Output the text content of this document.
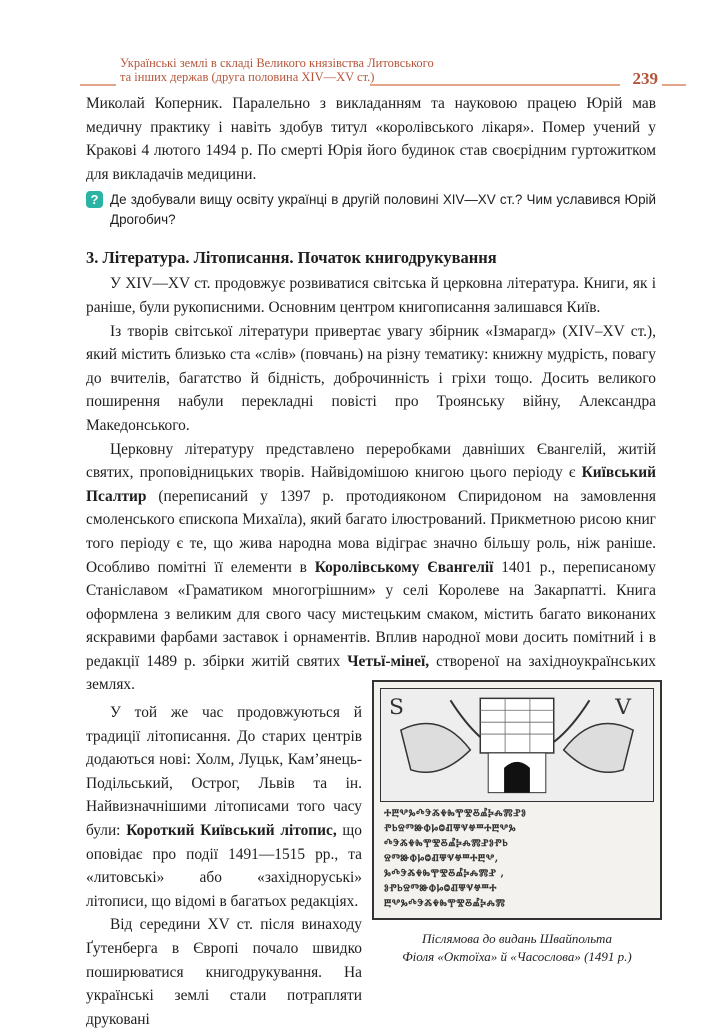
Українські землі в складі Великого князівства Литовського
та інших держав (друга половина XIV—XV ст.)	239

Миколай Коперник. Паралельно з викладанням та науковою працею Юрій мав медичну практику і навіть здобув титул «королівського лікаря». Помер учений у Кракові 4 лютого 1494 р. По смерті Юрія його будинок став своєрідним гуртожитком для викладачів медицини.

? Де здобували вищу освіту українці в другій половині XIV—XV ст.? Чим уславився Юрій Дрогобич?
3. Література. Літописання. Початок книгодрукування

У XIV—XV ст. продовжує розвиватися світська й церковна література. Книги, як і раніше, були рукописними. Основним центром книгописання залишався Київ.

Із творів світської літератури привертає увагу збірник «Ізмарагд» (XIV–XV ст.), який містить близько ста «слів» (повчань) на різну тематику: книжну мудрість, повагу до вчителів, багатство й бідність, доброчинність і гріхи тощо. Досить великого поширення набули перекладні повісті про Троянську війну, Александра Македонського.

Церковну літературу представлено переробками давніших Євангелій, житій святих, проповідницьких творів. Найвідомішою книгою цього періоду є Київський Псалтир (переписаний у 1397 р. протодияконом Спиридоном на замовлення смоленського єпископа Михаїла), який багато ілюстрований. Прикметною рисою книг того періоду є те, що жива народна мова відіграє значно більшу роль, ніж раніше. Особливо помітні її елементи в Королівському Євангелії 1401 р., переписаному Станіславом «Граматиком многогрішним» у селі Королеве на Закарпатті. Книга оформлена з великим для свого часу мистецьким смаком, містить багато виконаних яскравими фарбами заставок і орнаментів. Вплив народної мови досить помітний і в редакції 1489 р. збірки житій святих Четьї-мінеї, створеної на західноукраїнських землях.

У той же час продовжуються й традиції літописання. До старих центрів додаються нові: Холм, Луцьк, Кам’янець-Подільський, Острог, Львів та ін. Найвизначнішими літописами того часу були: Короткий Київський літопис, що оповідає про події 1491—1515 рр., та «литовські» або «західноруські» літописи, що відомі в багатьох редакціях.

Від середини XV ст. після винаходу Ґутенберга в Європі почало швидко поширюватися книгодрукування. На українські землі стали потрапляти друковані

S	V
ⰀⰁⰂⰃⰄⰅⰆⰇⰈⰉⰊⰋⰌⰍⰎⰏⰐⰑ
ⰒⰓⰔⰕⰖⰗⰘⰙⰚⰛⰜⰝⰞⰀⰁⰂⰃ
ⰄⰅⰆⰇⰈⰉⰊⰋⰌⰍⰎⰏⰐⰑⰒⰓ
ⰔⰕⰖⰗⰘⰙⰚⰛⰜⰝⰞⰀⰁⰂ,
ⰃⰄⰅⰆⰇⰈⰉⰊⰋⰌⰍⰎⰏⰐ ,
ⰑⰒⰓⰔⰕⰖⰗⰘⰙⰚⰛⰜⰝⰞⰀ
ⰁⰂⰃⰄⰅⰆⰇⰈⰉⰊⰋⰌⰍⰎⰏ
Післямова до видань Швайпольта
Фіоля «Октоїха» й «Часослова» (1491 р.)
